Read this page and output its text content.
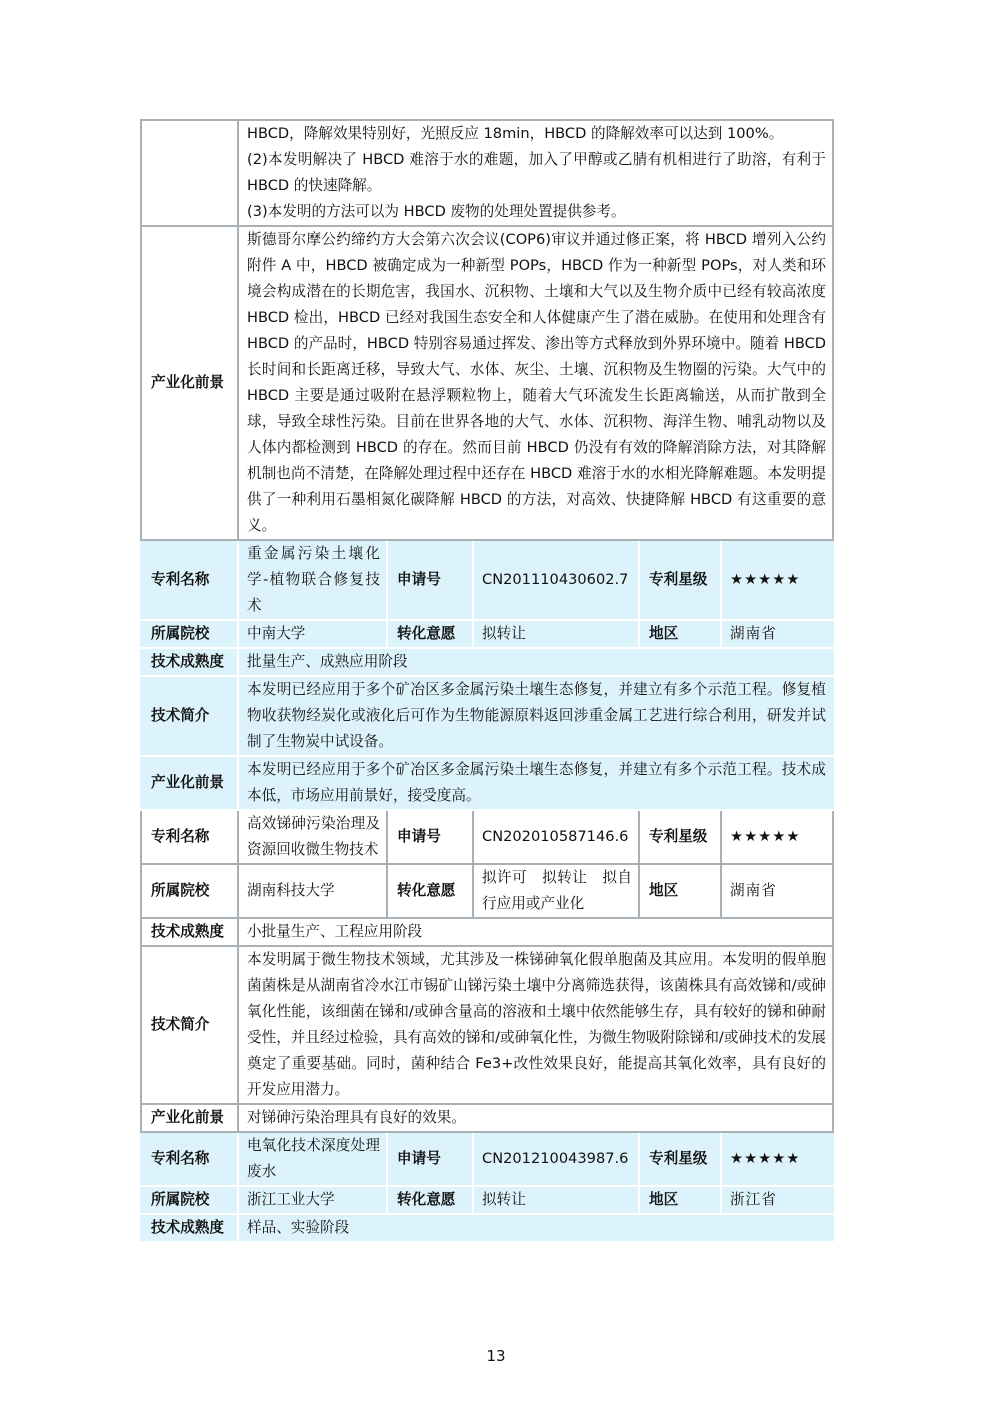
	HBCD，降解效果特别好，光照反应 18min，HBCD 的降解效率可以达到 100%。
(2)本发明解决了 HBCD 难溶于水的难题，加入了甲醇或乙腈有机相进行了助溶，有利于 HBCD 的快速降解。
(3)本发明的方法可以为 HBCD 废物的处理处置提供参考。				

产业化前景	斯德哥尔摩公约缔约方大会第六次会议(COP6)审议并通过修正案，将 HBCD 增列入公约附件 A 中，HBCD 被确定成为一种新型 POPs，HBCD 作为一种新型 POPs，对人类和环境会构成潜在的长期危害，我国水、沉积物、土壤和大气以及生物介质中已经有较高浓度 HBCD 检出，HBCD 已经对我国生态安全和人体健康产生了潜在威胁。在使用和处理含有 HBCD 的产品时，HBCD 特别容易通过挥发、渗出等方式释放到外界环境中。随着 HBCD 长时间和长距离迁移，导致大气、水体、灰尘、土壤、沉积物及生物圈的污染。大气中的 HBCD 主要是通过吸附在悬浮颗粒物上，随着大气环流发生长距离输送，从而扩散到全球，导致全球性污染。目前在世界各地的大气、水体、沉积物、海洋生物、哺乳动物以及人体内都检测到 HBCD 的存在。然而目前 HBCD 仍没有有效的降解消除方法，对其降解机制也尚不清楚，在降解处理过程中还存在 HBCD 难溶于水的水相光降解难题。本发明提供了一种利用石墨相氮化碳降解 HBCD 的方法，对高效、快捷降解 HBCD 有这重要的意义。				

专利名称	重金属污染土壤化学-植物联合修复技术	申请号	CN201110430602.7	专利星级	★★★★★
所属院校	中南大学	转化意愿	拟转让	地区	湖南省
技术成熟度	批量生产、成熟应用阶段				

技术简介	本发明已经应用于多个矿冶区多金属污染土壤生态修复，并建立有多个示范工程。修复植物收获物经炭化或液化后可作为生物能源原料返回涉重金属工艺进行综合利用，研发并试制了生物炭中试设备。				

产业化前景	本发明已经应用于多个矿冶区多金属污染土壤生态修复，并建立有多个示范工程。技术成本低，市场应用前景好，接受度高。				

专利名称	高效锑砷污染治理及资源回收微生物技术	申请号	CN202010587146.6	专利星级	★★★★★
所属院校	湖南科技大学	转化意愿	拟许可　拟转让　拟自行应用或产业化	地区	湖南省
技术成熟度	小批量生产、工程应用阶段				

技术简介	本发明属于微生物技术领域，尤其涉及一株锑砷氧化假单胞菌及其应用。本发明的假单胞菌菌株是从湖南省冷水江市锡矿山锑污染土壤中分离筛选获得，该菌株具有高效锑和/或砷氧化性能，该细菌在锑和/或砷含量高的溶液和土壤中依然能够生存，具有较好的锑和砷耐受性，并且经过检验，具有高效的锑和/或砷氧化性，为微生物吸附除锑和/或砷技术的发展奠定了重要基础。同时，菌种结合 Fe3+改性效果良好，能提高其氧化效率，具有良好的开发应用潜力。				

产业化前景	对锑砷污染治理具有良好的效果。				

专利名称	电氧化技术深度处理废水	申请号	CN201210043987.6	专利星级	★★★★★
所属院校	浙江工业大学	转化意愿	拟转让	地区	浙江省
技术成熟度	样品、实验阶段				
13
